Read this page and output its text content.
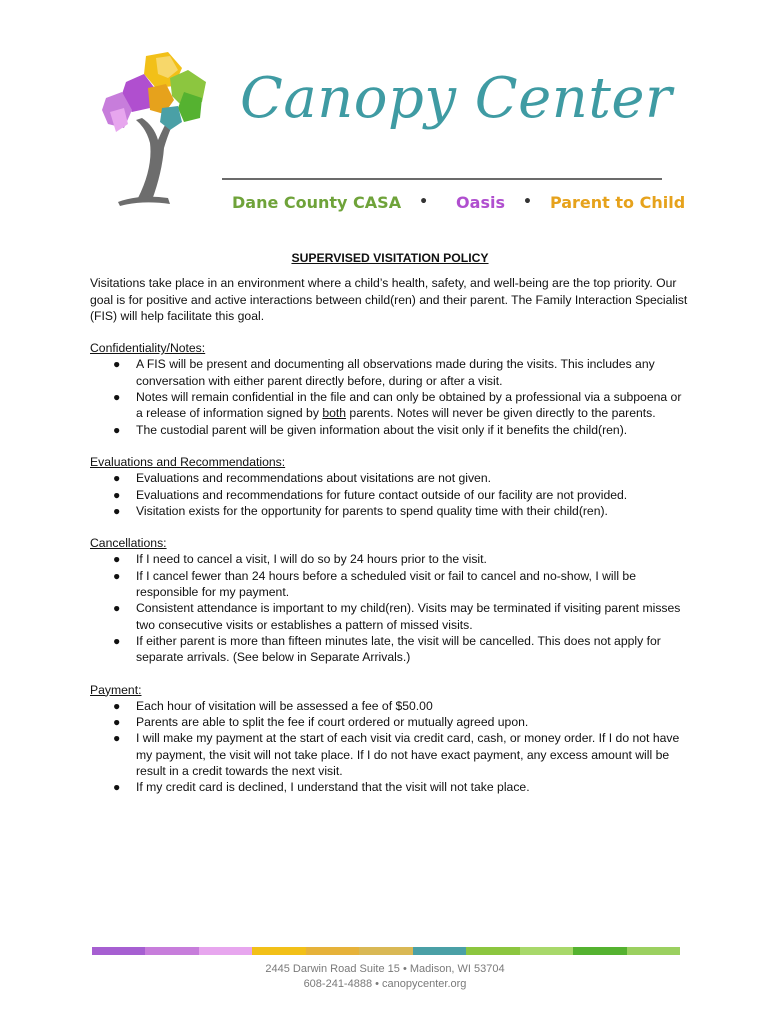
Canopy Center
Dane County CASA • Oasis • Parent to Child

SUPERVISED VISITATION POLICY

Visitations take place in an environment where a child’s health, safety, and well-being are the top priority. Our goal is for positive and active interactions between child(ren) and their parent. The Family Interaction Specialist (FIS) will help facilitate this goal.

Confidentiality/Notes:

● A FIS will be present and documenting all observations made during the visits. This includes any conversation with either parent directly before, during or after a visit.
● Notes will remain confidential in the file and can only be obtained by a professional via a subpoena or a release of information signed by both parents. Notes will never be given directly to the parents.
● The custodial parent will be given information about the visit only if it benefits the child(ren).

Evaluations and Recommendations:

● Evaluations and recommendations about visitations are not given.
● Evaluations and recommendations for future contact outside of our facility are not provided.
● Visitation exists for the opportunity for parents to spend quality time with their child(ren).

Cancellations:

● If I need to cancel a visit, I will do so by 24 hours prior to the visit.
● If I cancel fewer than 24 hours before a scheduled visit or fail to cancel and no-show, I will be responsible for my payment.
● Consistent attendance is important to my child(ren). Visits may be terminated if visiting parent misses two consecutive visits or establishes a pattern of missed visits.
● If either parent is more than fifteen minutes late, the visit will be cancelled. This does not apply for separate arrivals. (See below in Separate Arrivals.)

Payment:

● Each hour of visitation will be assessed a fee of $50.00
● Parents are able to split the fee if court ordered or mutually agreed upon.
● I will make my payment at the start of each visit via credit card, cash, or money order. If I do not have my payment, the visit will not take place. If I do not have exact payment, any excess amount will be result in a credit towards the next visit.
● If my credit card is declined, I understand that the visit will not take place.
2445 Darwin Road Suite 15 • Madison, WI 53704
608-241-4888 • canopycenter.org
